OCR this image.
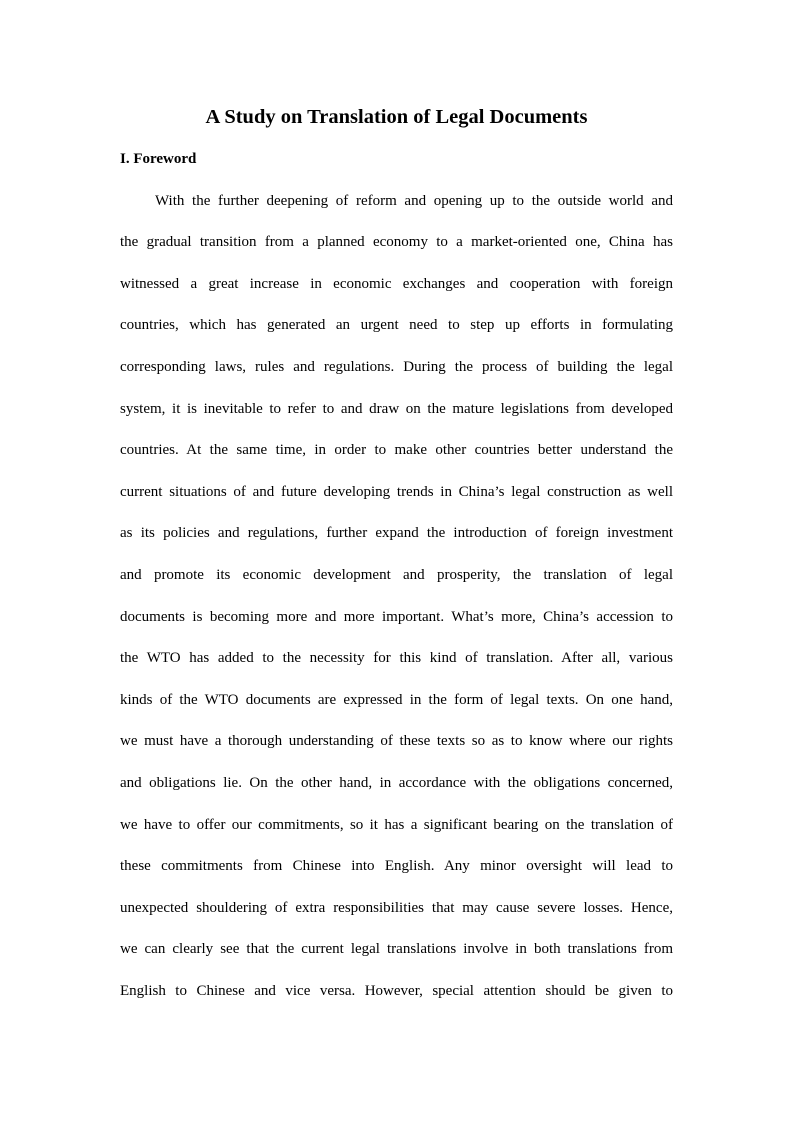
A Study on Translation of Legal Documents
I. Foreword
With the further deepening of reform and opening up to the outside world and
the gradual transition from a planned economy to a market-oriented one, China has
witnessed a great increase in economic exchanges and cooperation with foreign
countries, which has generated an urgent need to step up efforts in formulating
corresponding laws, rules and regulations. During the process of building the legal
system, it is inevitable to refer to and draw on the mature legislations from developed
countries. At the same time, in order to make other countries better understand the
current situations of and future developing trends in China’s legal construction as well
as its policies and regulations, further expand the introduction of foreign investment
and promote its economic development and prosperity, the translation of legal
documents is becoming more and more important. What’s more, China’s accession to
the WTO has added to the necessity for this kind of translation. After all, various
kinds of the WTO documents are expressed in the form of legal texts. On one hand,
we must have a thorough understanding of these texts so as to know where our rights
and obligations lie. On the other hand, in accordance with the obligations concerned,
we have to offer our commitments, so it has a significant bearing on the translation of
these commitments from Chinese into English. Any minor oversight will lead to
unexpected shouldering of extra responsibilities that may cause severe losses. Hence,
we can clearly see that the current legal translations involve in both translations from
English to Chinese and vice versa. However, special attention should be given to
